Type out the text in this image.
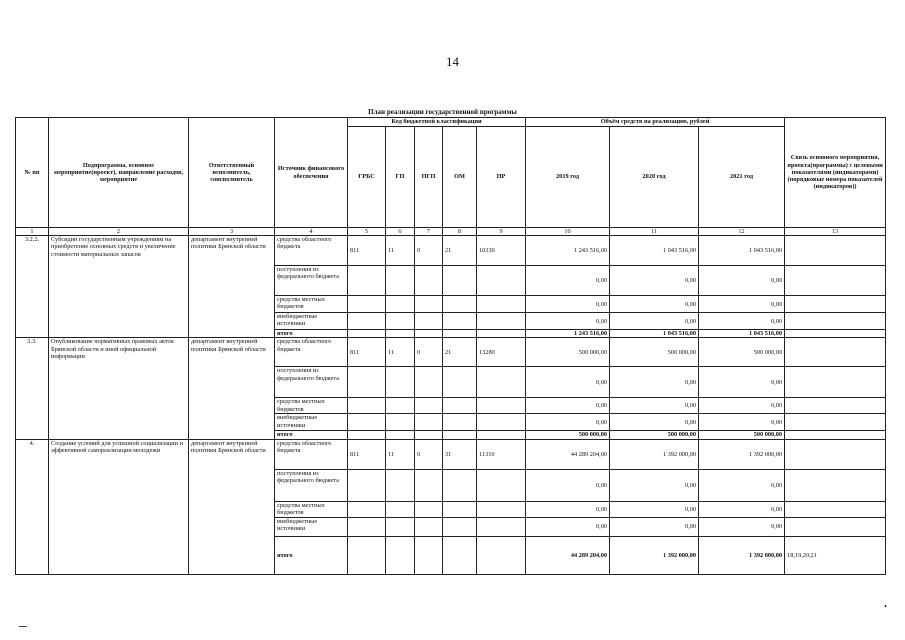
14
План реализации государственной программы
№ пп	Подпрограмма, основное мероприятие(проект), направление расходов, мероприятие	Ответственный исполнитель, соисполнитель	Источник финансового обеспечения	Код бюджетной классификации					Объём средств на реализацию, рублей			Связь основного мероприятия, проекта(программы) с целевыми показателями (индикаторами) (порядковые номера показателей (индикаторов))
				ГРБС	ГП	ПГП	ОМ	НР	2019 год	2020 год	2021 год	
1	2	3	4	5	6	7	8	9	10	11	12	13
3.2.2.	Субсидии государственным учреждениям на приобретение основных средств и увеличение стоимости материальных запасов	департамент внутренней политики Брянской области	средства областного бюджета	811	11	0	21	10330	1 243 516,00	1 043 516,00	1 043 516,00	
			поступления из федерального бюджета						0,00	0,00	0,00	
			средства местных бюджетов						0,00	0,00	0,00	
			внебюджетные источники						0,00	0,00	0,00	
			итого						1 243 516,00	1 043 516,00	1 043 516,00	
3.3.	Опубликование нормативных правовых актов Брянской области и иной официальной информации	департамент внутренней политики Брянской области	средства областного бюджета	811	11	0	21	13280	500 000,00	500 000,00	500 000,00	
			поступления из федерального бюджета						0,00	0,00	0,00	
			средства местных бюджетов						0,00	0,00	0,00	
			внебюджетные источники						0,00	0,00	0,00	
			итого						500 000,00	500 000,00	500 000,00	
4.	Создание условий для успешной социализации и эффективной самореализации молодежи	департамент внутренней политики Брянской области	средства областного бюджета	811	11	0	31	11310	44 289 204,00	1 392 000,00	1 392 000,00	
			поступления из федерального бюджета						0,00	0,00	0,00	
			средства местных бюджетов						0,00	0,00	0,00	
			внебюджетные источники						0,00	0,00	0,00	
			итого						44 289 204,00	1 392 000,00	1 392 000,00	18,19,20,21
•
